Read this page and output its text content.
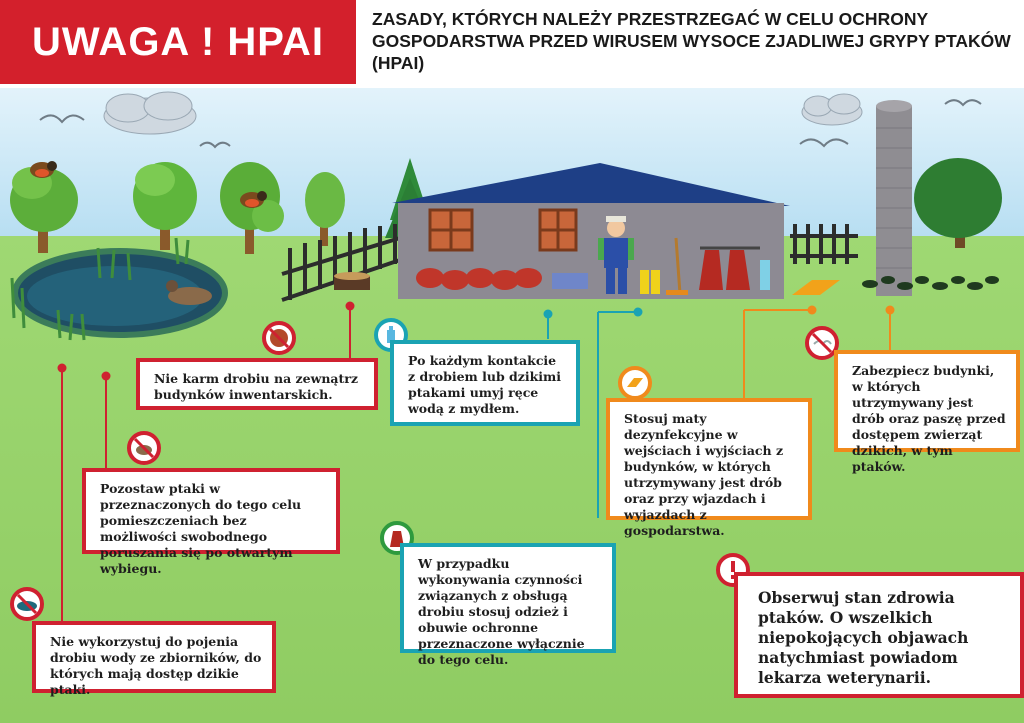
UWAGA ! HPAI
ZASADY, KTÓRYCH NALEŻY PRZESTRZEGAĆ W CELU OCHRONY GOSPODARSTWA PRZED WIRUSEM WYSOCE ZJADLIWEJ GRYPY PTAKÓW (HPAI)
Nie karm drobiu na zewnątrz budynków inwentarskich.
Po każdym kontakcie z drobiem lub dzikimi ptakami umyj ręce wodą z mydłem.
Zabezpiecz budynki, w których utrzymywany jest drób oraz paszę przed dostępem zwierząt dzikich, w tym ptaków.
Stosuj maty dezynfekcyjne w wejściach i wyjściach z budynków, w których utrzymywany jest drób oraz przy wjazdach i wyjazdach z gospodarstwa.
Pozostaw ptaki w przeznaczonych do tego celu pomieszczeniach bez możliwości swobodnego poruszania się po otwartym wybiegu.	W przypadku wykonywania czynności związanych z obsługą drobiu stosuj odzież i obuwie ochronne przeznaczone wyłącznie do tego celu.
Nie wykorzystuj do pojenia drobiu wody ze zbiorników, do których mają dostęp dzikie ptaki.
Obserwuj stan zdrowia ptaków. O wszelkich niepokojących objawach natychmiast powiadom lekarza weterynarii.
